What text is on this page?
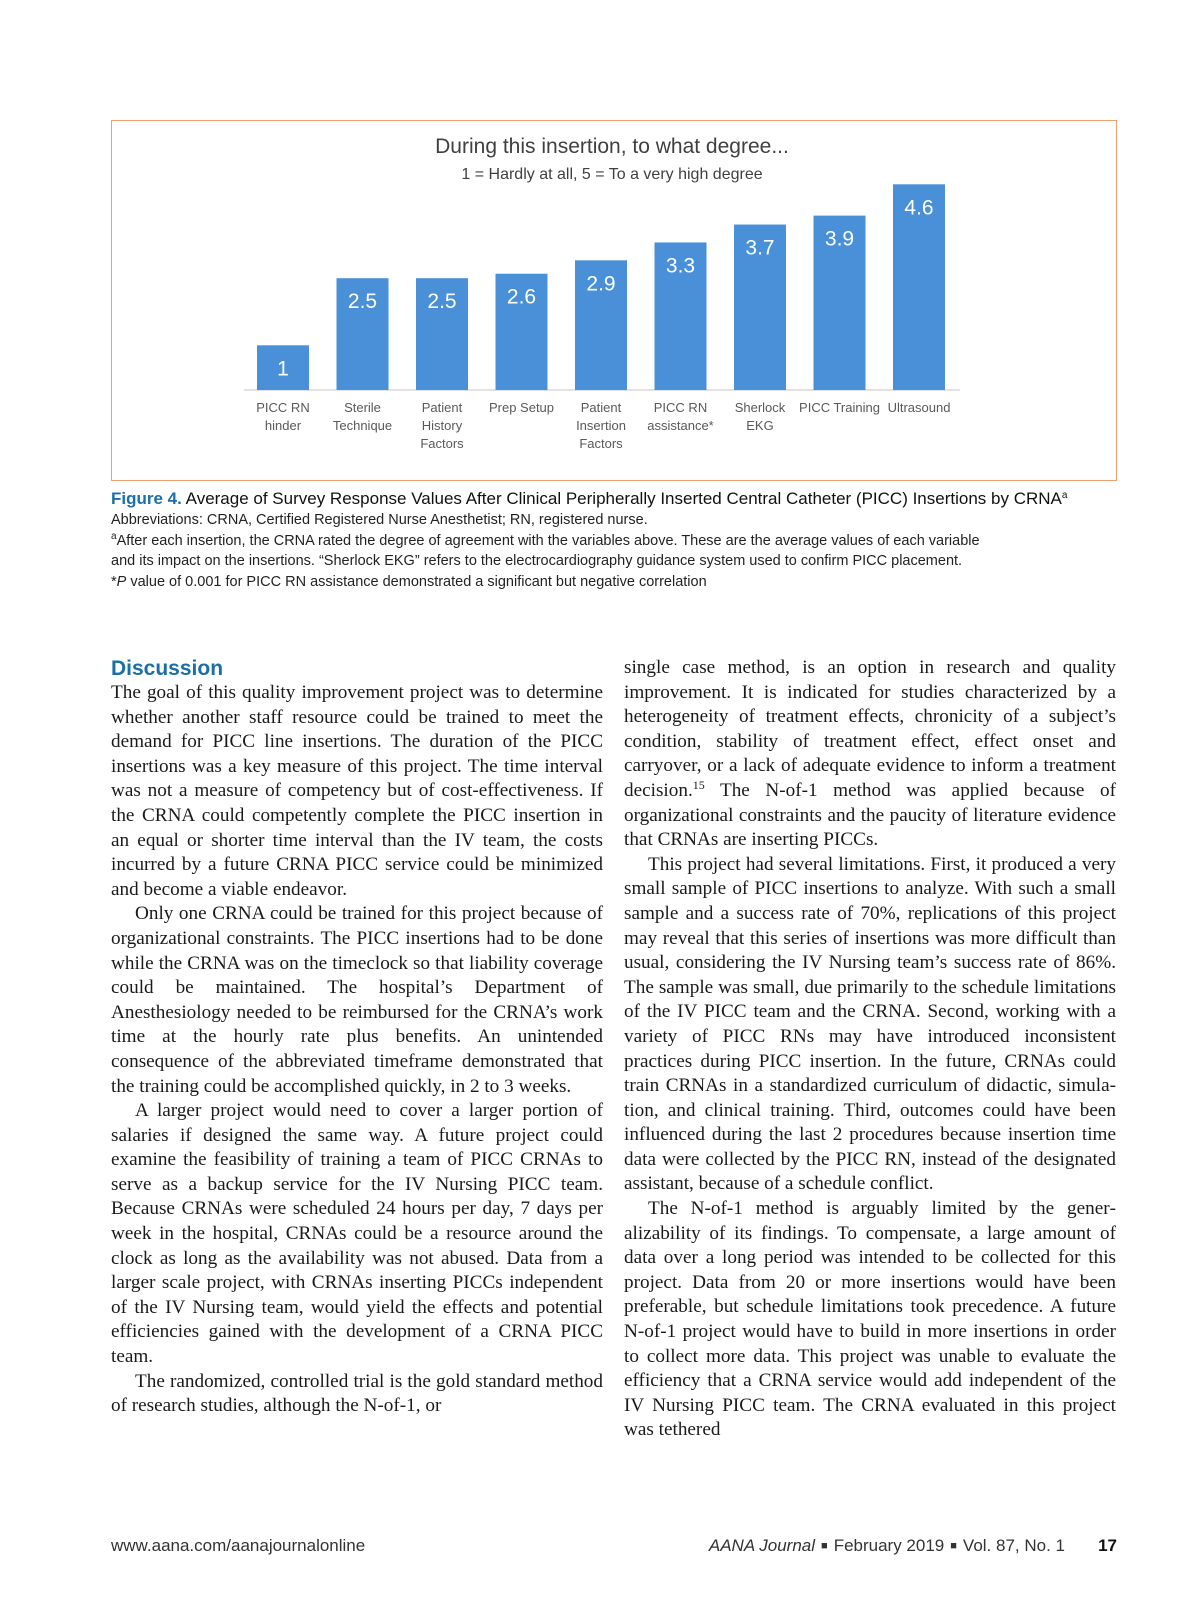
During this insertion, to what degree...
1 = Hardly at all, 5 = To a very high degree
1
PICC RN hinder
2.5
Sterile Technique
2.5
Patient History Factors
2.6
Prep Setup
2.9
Patient Insertion Factors
3.3
PICC RN assistance*
3.7
Sherlock EKG
3.9
PICC Training
4.6
Ultrasound

Figure 4. Average of Survey Response Values After Clinical Peripherally Inserted Central Catheter (PICC) Insertions by CRNA$^a$

Abbreviations: CRNA, Certified Registered Nurse Anesthetist; RN, registered nurse.

$^a$After each insertion, the CRNA rated the degree of agreement with the variables above. These are the average values of each variable

and its impact on the insertions. “Sherlock EKG” refers to the electrocardiography guidance system used to confirm PICC placement.

*P value of 0.001 for PICC RN assistance demonstrated a significant but negative correlation

Discussion

The goal of this quality improvement project was to determine whether another staff resource could be trained to meet the demand for PICC line insertions. The duration of the PICC insertions was a key measure of this project. The time interval was not a measure of competency but of cost-effectiveness. If the CRNA could competently complete the PICC insertion in an equal or shorter time interval than the IV team, the costs incurred by a future CRNA PICC service could be minimized and become a viable endeavor.

Only one CRNA could be trained for this project because of organizational constraints. The PICC insertions had to be done while the CRNA was on the timeclock so that liability coverage could be maintained. The hospital’s Department of Anesthesiology needed to be reimbursed for the CRNA’s work time at the hourly rate plus benefits. An unintended consequence of the abbreviated timeframe demonstrated that the training could be accomplished quickly, in 2 to 3 weeks.

A larger project would need to cover a larger portion of salaries if designed the same way. A future project could examine the feasibility of training a team of PICC CRNAs to serve as a backup service for the IV Nursing PICC team. Because CRNAs were scheduled 24 hours per day, 7 days per week in the hospital, CRNAs could be a resource around the clock as long as the availability was not abused. Data from a larger scale project, with CRNAs inserting PICCs independent of the IV Nursing team, would yield the effects and potential efficiencies gained with the development of a CRNA PICC team.

The randomized, controlled trial is the gold standard method of research studies, although the N-of-1, or

single case method, is an option in research and quality improvement. It is indicated for studies characterized by a heterogeneity of treatment effects, chronicity of a subject’s condition, stability of treatment effect, effect onset and carryover, or a lack of adequate evidence to inform a treatment decision.$^{15}$ The N-of-1 method was applied because of organizational constraints and the paucity of literature evidence that CRNAs are inserting PICCs.

This project had several limitations. First, it produced a very small sample of PICC insertions to analyze. With such a small sample and a success rate of 70%, replications of this project may reveal that this series of insertions was more difficult than usual, considering the IV Nursing team’s success rate of 86%. The sample was small, due primarily to the schedule limitations of the IV PICC team and the CRNA. Second, working with a variety of PICC RNs may have introduced inconsistent practices during PICC insertion. In the future, CRNAs could train CRNAs in a standardized curriculum of didactic, simulation, and clinical training. Third, outcomes could have been influenced during the last 2 procedures because insertion time data were collected by the PICC RN, instead of the designated assistant, because of a schedule conflict.

The N-of-1 method is arguably limited by the generalizability of its findings. To compensate, a large amount of data over a long period was intended to be collected for this project. Data from 20 or more insertions would have been preferable, but schedule limitations took precedence. A future N-of-1 project would have to build in more insertions in order to collect more data. This project was unable to evaluate the efficiency that a CRNA service would add independent of the IV Nursing PICC team. The CRNA evaluated in this project was tethered

www.aana.com/aanajournalonline	AANA Journal ■ February 2019 ■ Vol. 87, No. 1 17
